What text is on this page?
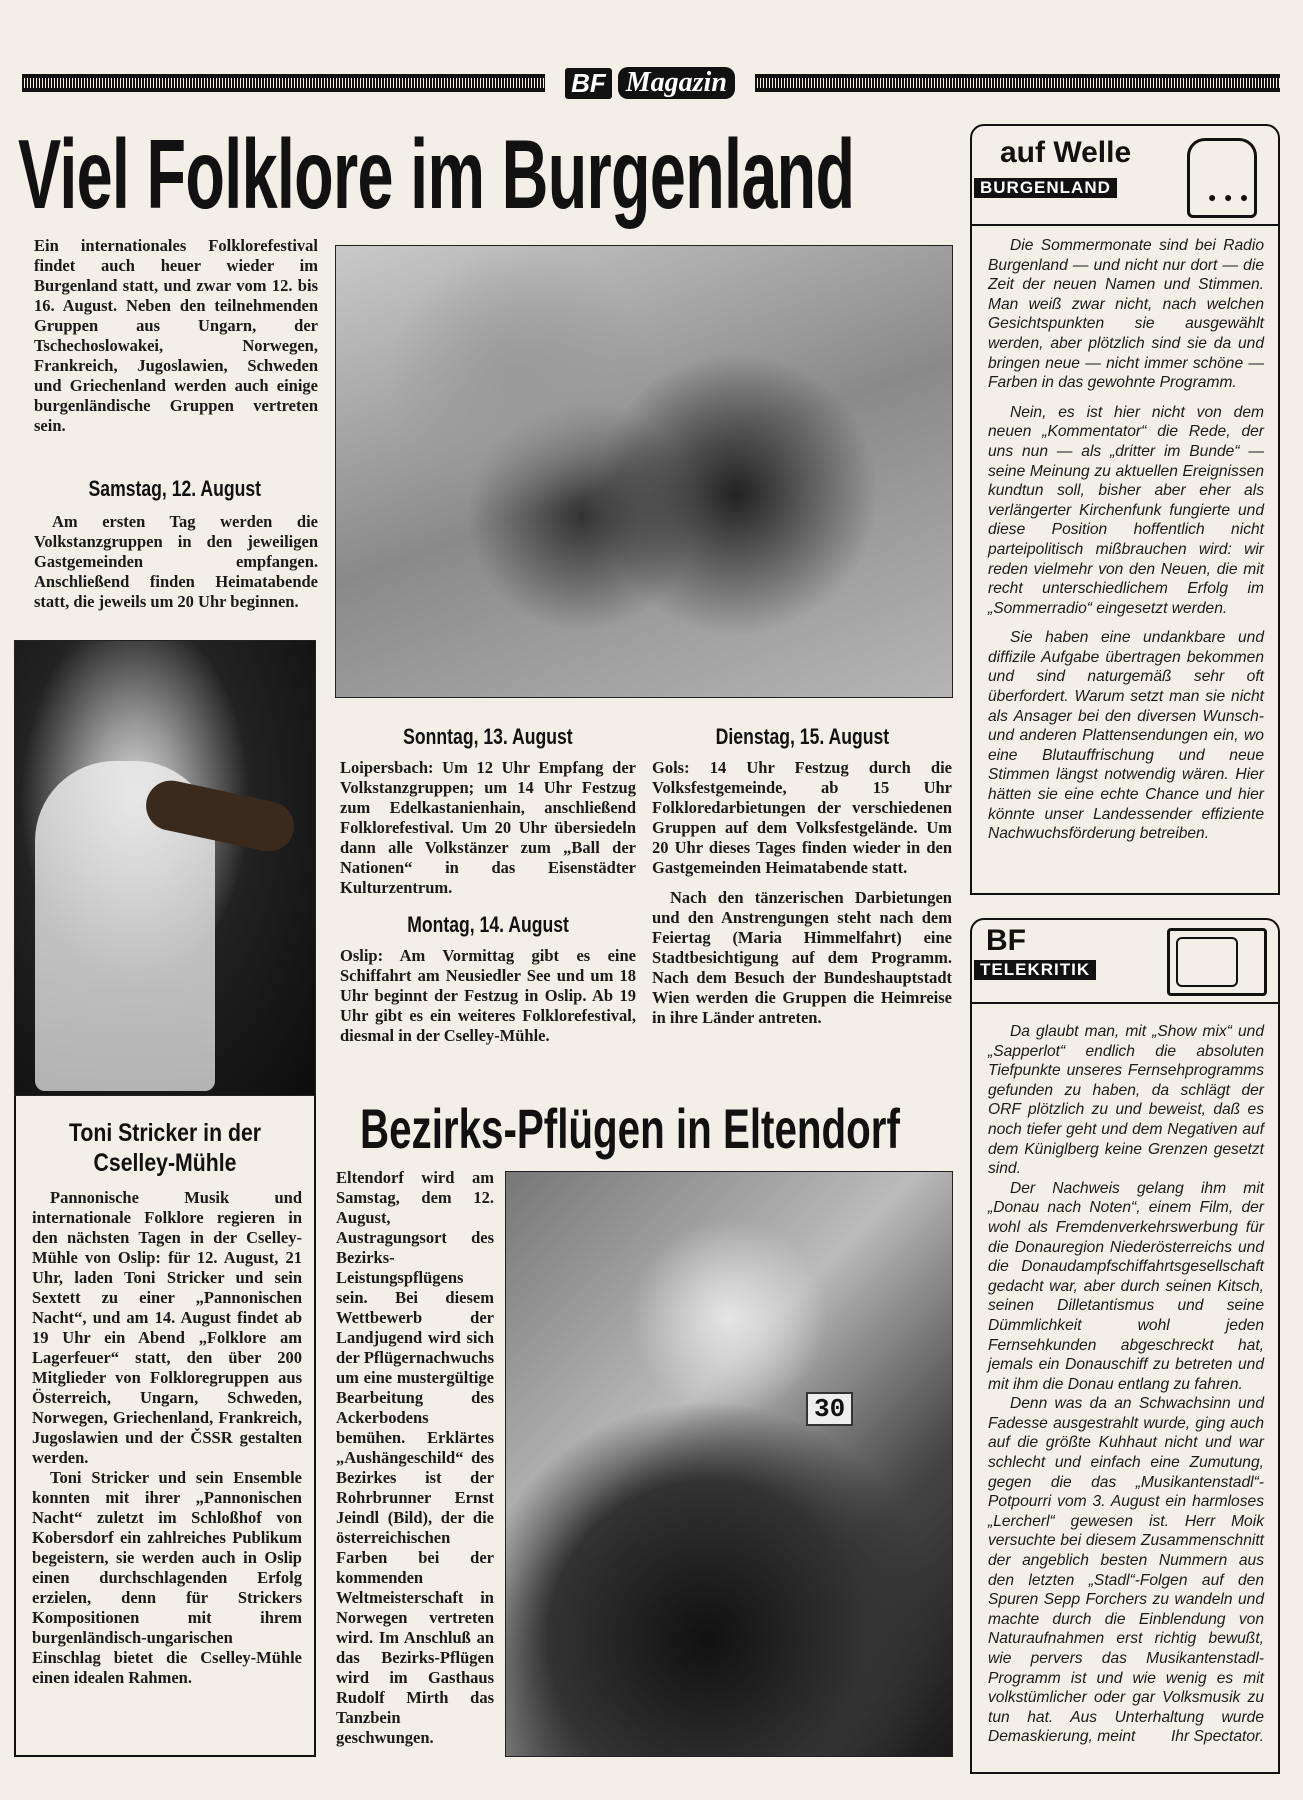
BF Magazin
Viel Folklore im Burgenland

Ein internationales Folklorefestival findet auch heuer wieder im Burgenland statt, und zwar vom 12. bis 16. August. Neben den teilnehmenden Gruppen aus Ungarn, der Tschechoslowakei, Norwegen, Frankreich, Jugoslawien, Schweden und Griechenland werden auch einige burgenländische Gruppen vertreten sein.

Samstag, 12. August

Am ersten Tag werden die Volkstanzgruppen in den jeweiligen Gastgemeinden empfangen. Anschließend finden Heimatabende statt, die jeweils um 20 Uhr beginnen.

Toni Stricker in der Cselley-Mühle

Pannonische Musik und internationale Folklore regieren in den nächsten Tagen in der Cselley-Mühle von Oslip: für 12. August, 21 Uhr, laden Toni Stricker und sein Sextett zu einer „Pannonischen Nacht“, und am 14. August findet ab 19 Uhr ein Abend „Folklore am Lagerfeuer“ statt, den über 200 Mitglieder von Folkloregruppen aus Österreich, Ungarn, Schweden, Norwegen, Griechenland, Frankreich, Jugoslawien und der ČSSR gestalten werden.

Toni Stricker und sein Ensemble konnten mit ihrer „Pannonischen Nacht“ zuletzt im Schloßhof von Kobersdorf ein zahlreiches Publikum begeistern, sie werden auch in Oslip einen durchschlagenden Erfolg erzielen, denn für Strickers Kompositionen mit ihrem burgenländisch-ungarischen Einschlag bietet die Cselley-Mühle einen idealen Rahmen.

Sonntag, 13. August

Loipersbach: Um 12 Uhr Empfang der Volkstanzgruppen; um 14 Uhr Festzug zum Edelkastanienhain, anschließend Folklorefestival. Um 20 Uhr übersiedeln dann alle Volkstänzer zum „Ball der Nationen“ in das Eisenstädter Kulturzentrum.

Montag, 14. August

Oslip: Am Vormittag gibt es eine Schiffahrt am Neusiedler See und um 18 Uhr beginnt der Festzug in Oslip. Ab 19 Uhr gibt es ein weiteres Folklorefestival, diesmal in der Cselley-Mühle.

Dienstag, 15. August

Gols: 14 Uhr Festzug durch die Volksfestgemeinde, ab 15 Uhr Folkloredarbietungen der verschiedenen Gruppen auf dem Volksfestgelände. Um 20 Uhr dieses Tages finden wieder in den Gastgemeinden Heimatabende statt.

Nach den tänzerischen Darbietungen und den Anstrengungen steht nach dem Feiertag (Maria Himmelfahrt) eine Stadtbesichtigung auf dem Programm. Nach dem Besuch der Bundeshauptstadt Wien werden die Gruppen die Heimreise in ihre Länder antreten.

Bezirks-Pflügen in Eltendorf

Eltendorf wird am Samstag, dem 12. August, Austragungsort des Bezirks-Leistungspflügens sein. Bei diesem Wettbewerb der Landjugend wird sich der Pflügernachwuchs um eine mustergültige Bearbeitung des Ackerbodens bemühen. Erklärtes „Aushängeschild“ des Bezirkes ist der Rohrbrunner Ernst Jeindl (Bild), der die österreichischen Farben bei der kommenden Weltmeisterschaft in Norwegen vertreten wird. Im Anschluß an das Bezirks-Pflügen wird im Gasthaus Rudolf Mirth das Tanzbein geschwungen.

30
auf Welle
BURGENLAND
● ● ●

Die Sommermonate sind bei Radio Burgenland — und nicht nur dort — die Zeit der neuen Namen und Stimmen. Man weiß zwar nicht, nach welchen Gesichtspunkten sie ausgewählt werden, aber plötzlich sind sie da und bringen neue — nicht immer schöne — Farben in das gewohnte Programm.

Nein, es ist hier nicht von dem neuen „Kommentator“ die Rede, der uns nun — als „dritter im Bunde“ — seine Meinung zu aktuellen Ereignissen kundtun soll, bisher aber eher als verlängerter Kirchenfunk fungierte und diese Position hoffentlich nicht parteipolitisch mißbrauchen wird: wir reden vielmehr von den Neuen, die mit recht unterschiedlichem Erfolg im „Sommerradio“ eingesetzt werden.

Sie haben eine undankbare und diffizile Aufgabe übertragen bekommen und sind naturgemäß sehr oft überfordert. Warum setzt man sie nicht als Ansager bei den diversen Wunsch- und anderen Plattensendungen ein, wo eine Blutauffrischung und neue Stimmen längst notwendig wären. Hier hätten sie eine echte Chance und hier könnte unser Landessender effiziente Nachwuchsförderung betreiben.

BF
TELEKRITIK

Da glaubt man, mit „Show mix“ und „Sapperlot“ endlich die absoluten Tiefpunkte unseres Fernsehprogramms gefunden zu haben, da schlägt der ORF plötzlich zu und beweist, daß es noch tiefer geht und dem Negativen auf dem Küniglberg keine Grenzen gesetzt sind.

Der Nachweis gelang ihm mit „Donau nach Noten“, einem Film, der wohl als Fremdenverkehrswerbung für die Donauregion Niederösterreichs und die Donaudampfschiffahrtsgesellschaft gedacht war, aber durch seinen Kitsch, seinen Dilletantismus und seine Dümmlichkeit wohl jeden Fernsehkunden abgeschreckt hat, jemals ein Donauschiff zu betreten und mit ihm die Donau entlang zu fahren.

Denn was da an Schwachsinn und Fadesse ausgestrahlt wurde, ging auch auf die größte Kuhhaut nicht und war schlecht und einfach eine Zumutung, gegen die das „Musikantenstadl“-Potpourri vom 3. August ein harmloses „Lercherl“ gewesen ist. Herr Moik versuchte bei diesem Zusammenschnitt der angeblich besten Nummern aus den letzten „Stadl“-Folgen auf den Spuren Sepp Forchers zu wandeln und machte durch die Einblendung von Naturaufnahmen erst richtig bewußt, wie pervers das Musikantenstadl-Programm ist und wie wenig es mit volkstümlicher oder gar Volksmusik zu tun hat. Aus Unterhaltung wurde Demaskierung, meint	Ihr Spectator.
